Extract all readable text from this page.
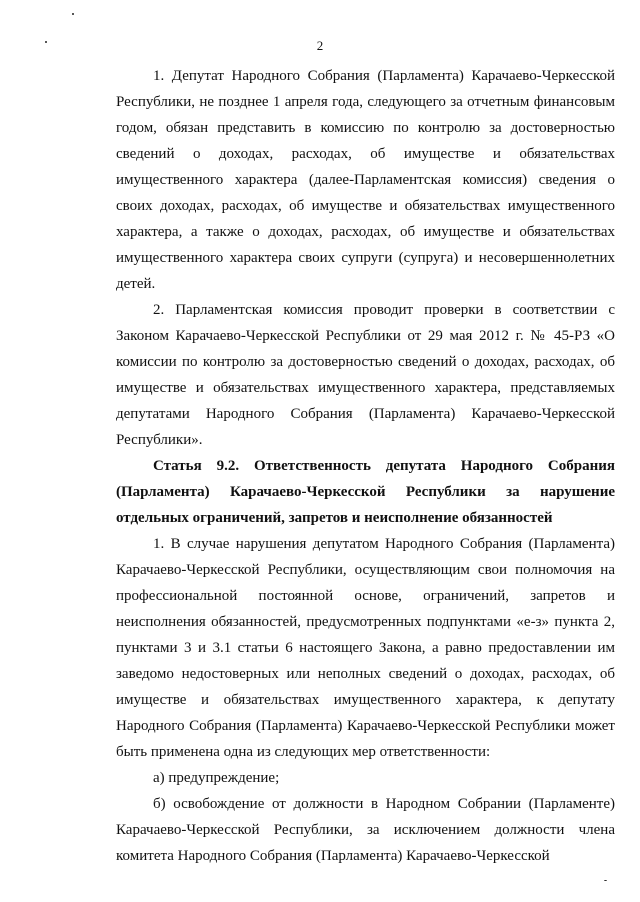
2

1. Депутат Народного Собрания (Парламента) Карачаево-Черкесской Республики, не позднее 1 апреля года, следующего за отчетным финансовым годом, обязан представить в комиссию по контролю за достоверностью сведений о доходах, расходах, об имуществе и обязательствах имущественного характера (далее-Парламентская комиссия) сведения о своих доходах, расходах, об имуществе и обязательствах имущественного характера, а также о доходах, расходах, об имуществе и обязательствах имущественного характера своих супруги (супруга) и несовершеннолетних детей.

2. Парламентская комиссия проводит проверки в соответствии с Законом Карачаево-Черкесской Республики от 29 мая 2012 г. № 45-РЗ «О комиссии по контролю за достоверностью сведений о доходах, расходах, об имуществе и обязательствах имущественного характера, представляемых депутатами Народного Собрания (Парламента) Карачаево-Черкесской Республики».

Статья 9.2. Ответственность депутата Народного Собрания (Парламента) Карачаево-Черкесской Республики за нарушение отдельных ограничений, запретов и неисполнение обязанностей

1. В случае нарушения депутатом Народного Собрания (Парламента) Карачаево-Черкесской Республики, осуществляющим свои полномочия на профессиональной постоянной основе, ограничений, запретов и неисполнения обязанностей, предусмотренных подпунктами «е-з» пункта 2, пунктами 3 и 3.1 статьи 6 настоящего Закона, а равно предоставлении им заведомо недостоверных или неполных сведений о доходах, расходах, об имуществе и обязательствах имущественного характера, к депутату Народного Собрания (Парламента) Карачаево-Черкесской Республики может быть применена одна из следующих мер ответственности:

а) предупреждение;

б) освобождение от должности в Народном Собрании (Парламенте) Карачаево-Черкесской Республики, за исключением должности члена комитета Народного Собрания (Парламента) Карачаево-Черкесской
